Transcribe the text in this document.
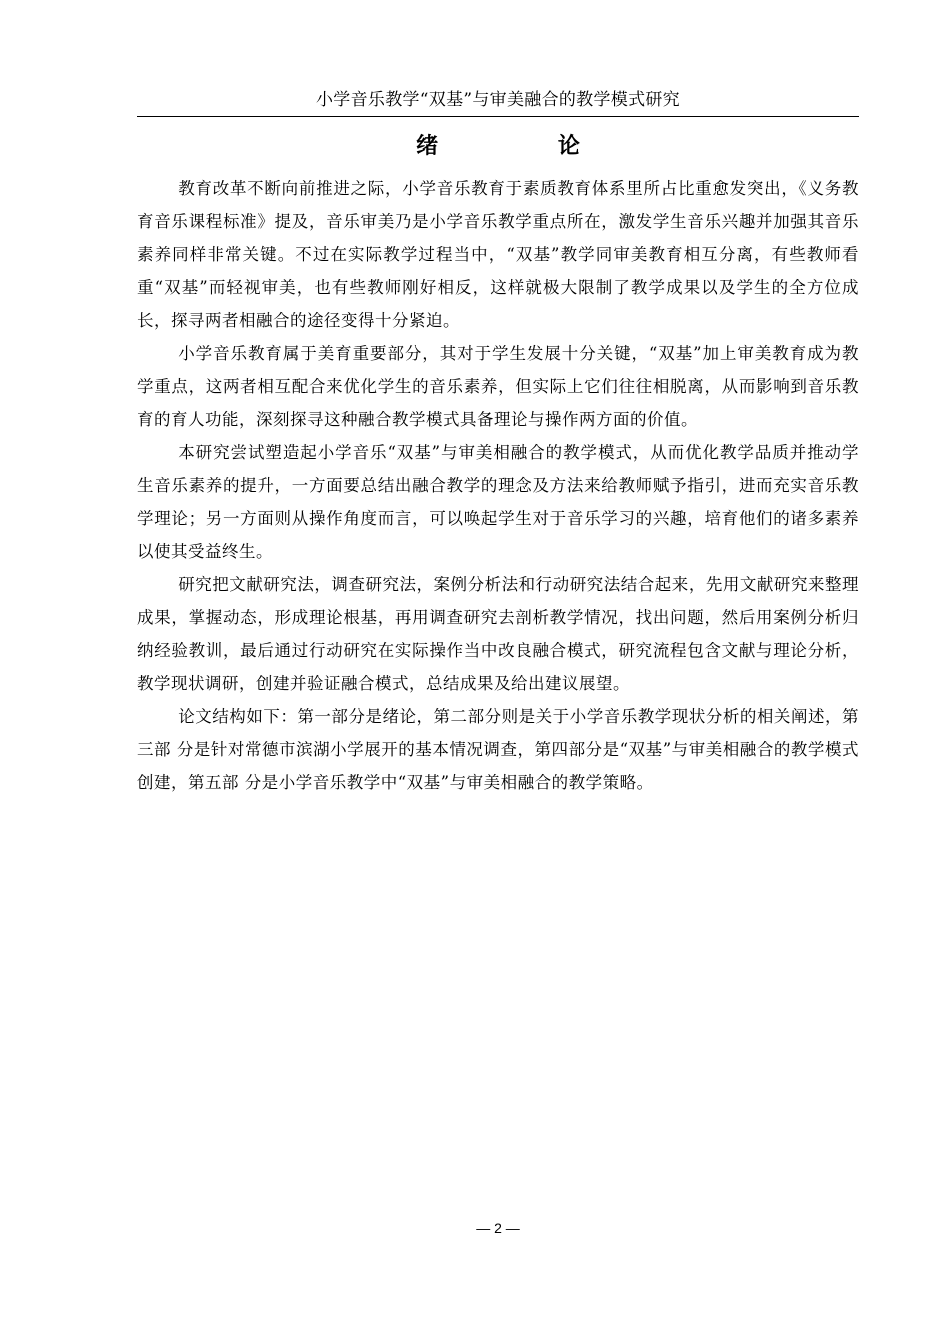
小学音乐教学“双基”与审美融合的教学模式研究
绪 论

教育改革不断向前推进之际，小学音乐教育于素质教育体系里所占比重愈发突出，《义务教育音乐课程标准》提及，音乐审美乃是小学音乐教学重点所在，激发学生音乐兴趣并加强其音乐素养同样非常关键。不过在实际教学过程当中，“双基”教学同审美教育相互分离，有些教师看重“双基”而轻视审美，也有些教师刚好相反，这样就极大限制了教学成果以及学生的全方位成长，探寻两者相融合的途径变得十分紧迫。

小学音乐教育属于美育重要部分，其对于学生发展十分关键，“双基”加上审美教育成为教学重点，这两者相互配合来优化学生的音乐素养，但实际上它们往往相脱离，从而影响到音乐教育的育人功能，深刻探寻这种融合教学模式具备理论与操作两方面的价值。

本研究尝试塑造起小学音乐“双基”与审美相融合的教学模式，从而优化教学品质并推动学生音乐素养的提升，一方面要总结出融合教学的理念及方法来给教师赋予指引，进而充实音乐教学理论；另一方面则从操作角度而言，可以唤起学生对于音乐学习的兴趣，培育他们的诸多素养以使其受益终生。

研究把文献研究法，调查研究法，案例分析法和行动研究法结合起来，先用文献研究来整理成果，掌握动态，形成理论根基，再用调查研究去剖析教学情况，找出问题，然后用案例分析归纳经验教训，最后通过行动研究在实际操作当中改良融合模式，研究流程包含文献与理论分析，教学现状调研，创建并验证融合模式，总结成果及给出建议展望。

论文结构如下：第一部分是绪论，第二部分则是关于小学音乐教学现状分析的相关阐述，第三部 分是针对常德市滨湖小学展开的基本情况调查，第四部分是“双基”与审美相融合的教学模式创建，第五部 分是小学音乐教学中“双基”与审美相融合的教学策略。

— 2 —
